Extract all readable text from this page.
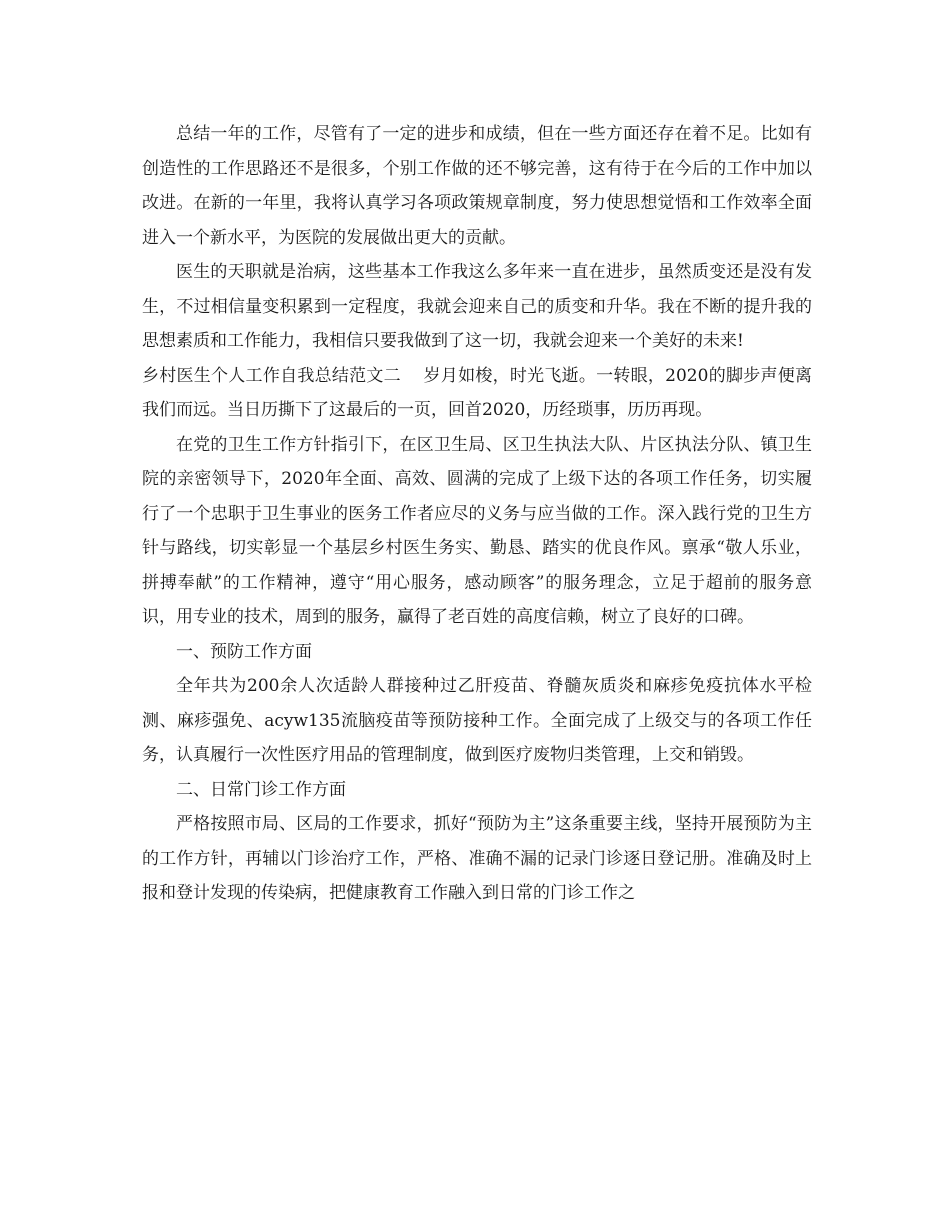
总结一年的工作，尽管有了一定的进步和成绩，但在一些方面还存在着不足。比如有创造性的工作思路还不是很多，个别工作做的还不够完善，这有待于在今后的工作中加以改进。在新的一年里，我将认真学习各项政策规章制度，努力使思想觉悟和工作效率全面进入一个新水平，为医院的发展做出更大的贡献。

医生的天职就是治病，这些基本工作我这么多年来一直在进步，虽然质变还是没有发生，不过相信量变积累到一定程度，我就会迎来自己的质变和升华。我在不断的提升我的思想素质和工作能力，我相信只要我做到了这一切，我就会迎来一个美好的未来!

乡村医生个人工作自我总结范文二 岁月如梭，时光飞逝。一转眼，2020的脚步声便离我们而远。当日历撕下了这最后的一页，回首2020，历经琐事，历历再现。

在党的卫生工作方针指引下，在区卫生局、区卫生执法大队、片区执法分队、镇卫生院的亲密领导下，2020年全面、高效、圆满的完成了上级下达的各项工作任务，切实履行了一个忠职于卫生事业的医务工作者应尽的义务与应当做的工作。深入践行党的卫生方针与路线，切实彰显一个基层乡村医生务实、勤恳、踏实的优良作风。禀承“敬人乐业，拼搏奉献”的工作精神，遵守“用心服务，感动顾客”的服务理念，立足于超前的服务意识，用专业的技术，周到的服务，赢得了老百姓的高度信赖，树立了良好的口碑。

一、预防工作方面

全年共为200余人次适龄人群接种过乙肝疫苗、脊髓灰质炎和麻疹免疫抗体水平检测、麻疹强免、acyw135流脑疫苗等预防接种工作。全面完成了上级交与的各项工作任务，认真履行一次性医疗用品的管理制度，做到医疗废物归类管理，上交和销毁。

二、日常门诊工作方面

严格按照市局、区局的工作要求，抓好“预防为主”这条重要主线，坚持开展预防为主的工作方针，再辅以门诊治疗工作，严格、准确不漏的记录门诊逐日登记册。准确及时上报和登计发现的传染病，把健康教育工作融入到日常的门诊工作之
